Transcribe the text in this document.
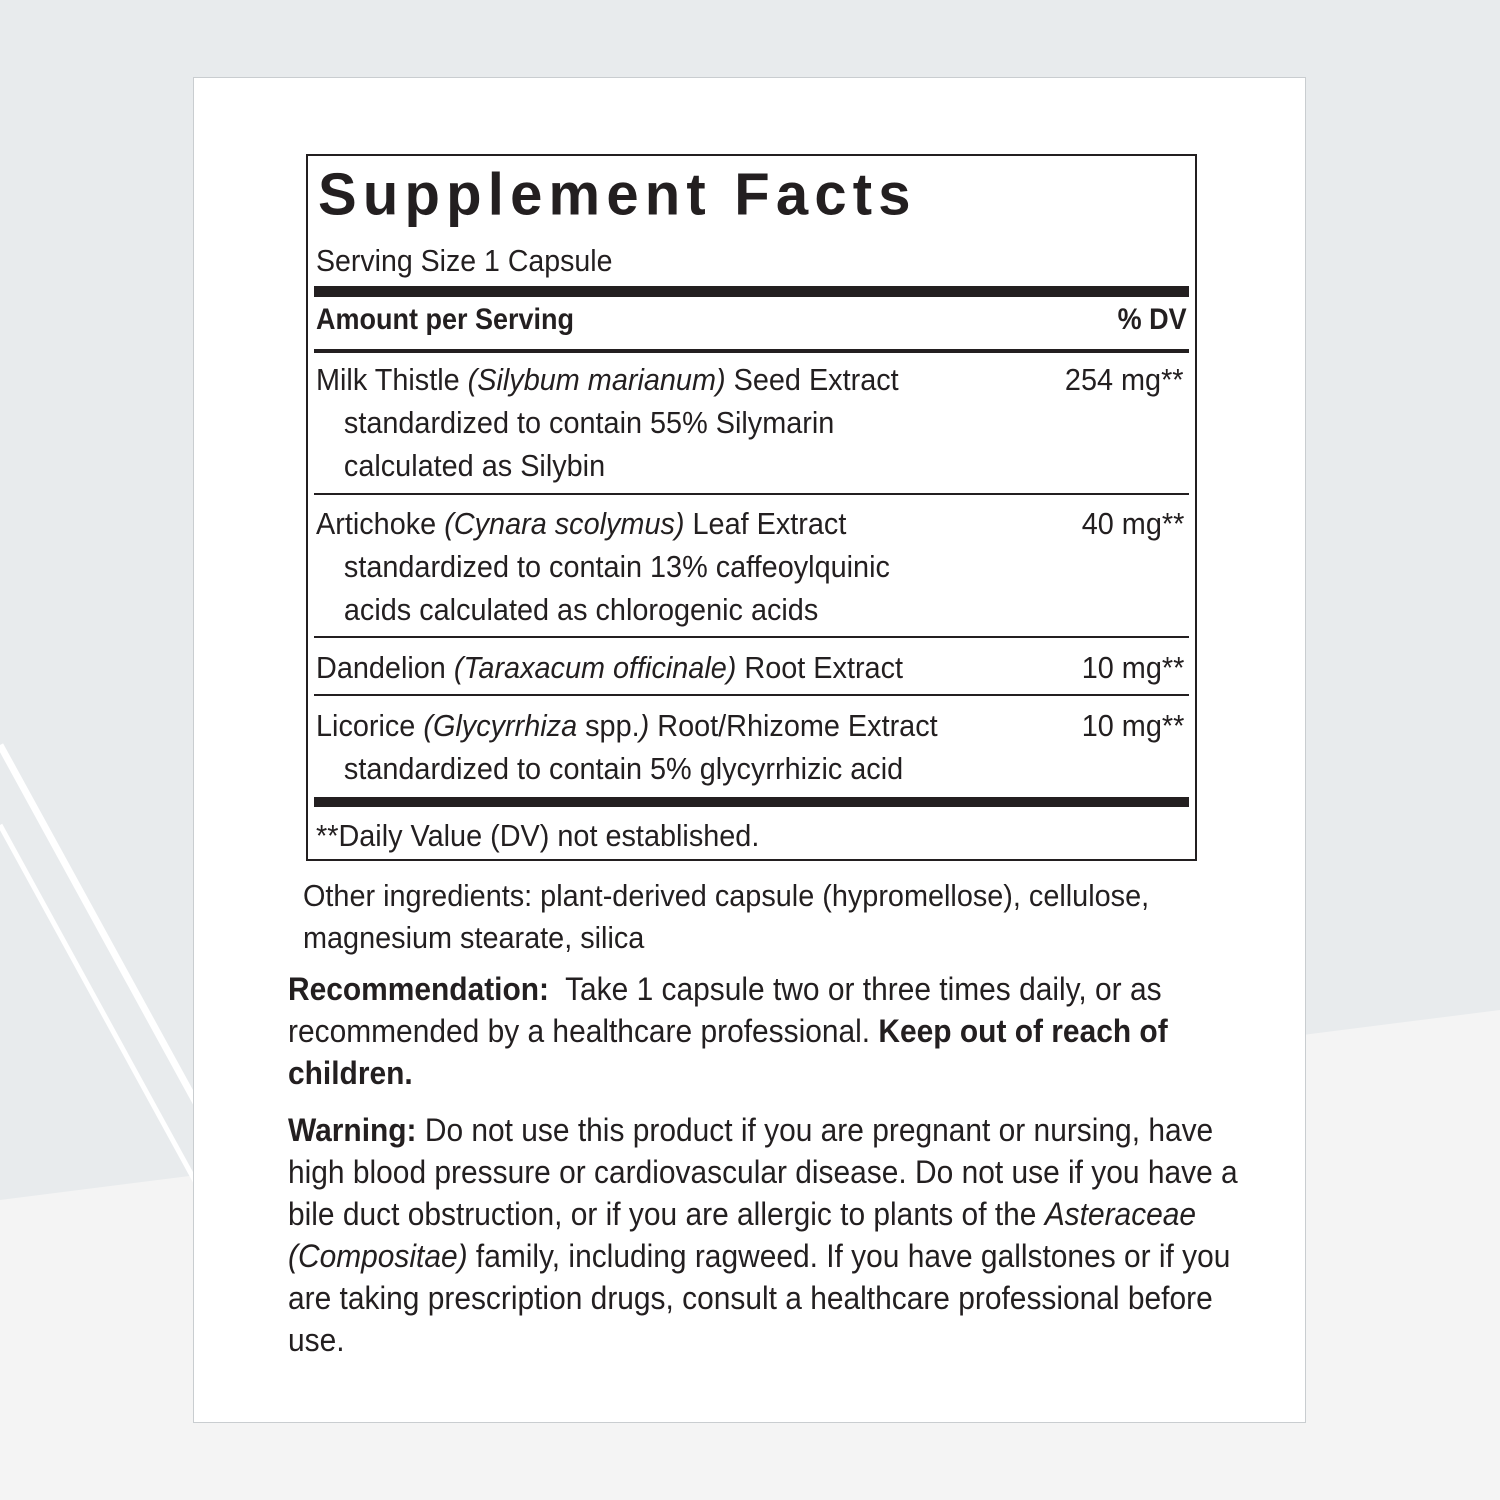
Supplement Facts
Serving Size 1 Capsule
Amount per Serving	% DV
Milk Thistle (Silybum marianum) Seed Extract
standardized to contain 55% Silymarin
calculated as Silybin
254 mg**
Artichoke (Cynara scolymus) Leaf Extract
standardized to contain 13% caffeoylquinic
acids calculated as chlorogenic acids
40 mg**
Dandelion (Taraxacum officinale) Root Extract	10 mg**
Licorice (Glycyrrhiza spp.) Root/Rhizome Extract
standardized to contain 5% glycyrrhizic acid
10 mg**
**Daily Value (DV) not established.
Other ingredients: plant-derived capsule (hypromellose), cellulose, magnesium stearate, silica
Recommendation:  Take 1 capsule two or three times daily, or as recommended by a healthcare professional. Keep out of reach of children.
Warning: Do not use this product if you are pregnant or nursing, have high blood pressure or cardiovascular disease. Do not use if you have a bile duct obstruction, or if you are allergic to plants of the Asteraceae (Compositae) family, including ragweed. If you have gallstones or if you are taking prescription drugs, consult a healthcare professional before use.
